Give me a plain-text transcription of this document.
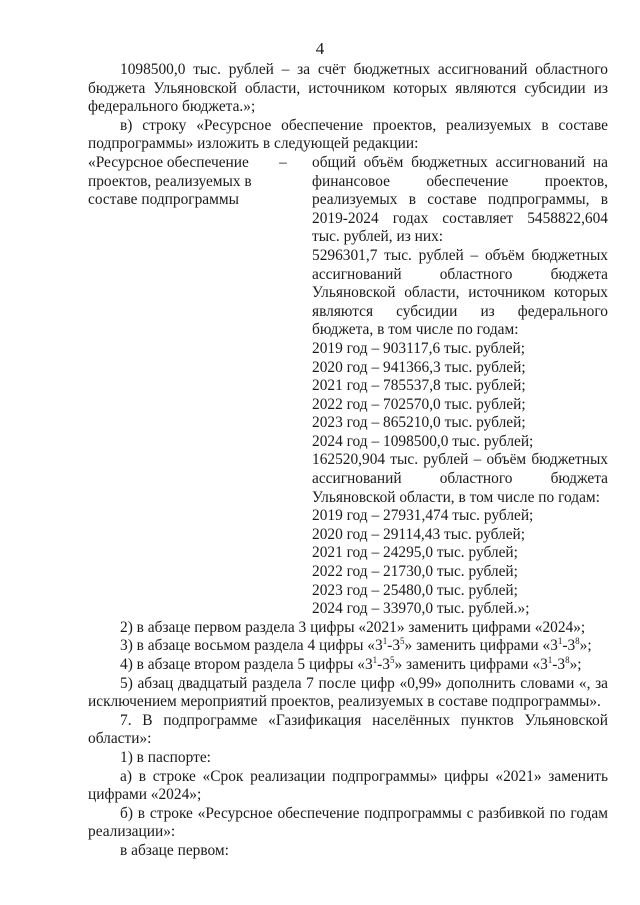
4

1098500,0 тыс. рублей – за счёт бюджетных ассигнований областного бюджета Ульяновской области, источником которых являются субсидии из федерального бюджета.»;

в) строку «Ресурсное обеспечение проектов, реализуемых в составе подпрограммы» изложить в следующей редакции:

«Ресурсное обеспечение проектов, реализуемых в составе подпрограммы
–	общий объём бюджетных ассигнований на финансовое обеспечение проектов, реализуемых в составе подпрограммы, в 2019-2024 годах составляет 5458822,604 тыс. рублей, из них:

5296301,7 тыс. рублей – объём бюджетных ассигнований областного бюджета Ульяновской области, источником которых являются субсидии из федерального бюджета, в том числе по годам:

2019 год – 903117,6 тыс. рублей;
2020 год – 941366,3 тыс. рублей;
2021 год – 785537,8 тыс. рублей;
2022 год – 702570,0 тыс. рублей;
2023 год – 865210,0 тыс. рублей;
2024 год – 1098500,0 тыс. рублей;

162520,904 тыс. рублей – объём бюджетных ассигнований областного бюджета Ульяновской области, в том числе по годам:

2019 год – 27931,474 тыс. рублей;
2020 год – 29114,43 тыс. рублей;
2021 год – 24295,0 тыс. рублей;
2022 год – 21730,0 тыс. рублей;
2023 год – 25480,0 тыс. рублей;
2024 год – 33970,0 тыс. рублей.»;

2) в абзаце первом раздела 3 цифры «2021» заменить цифрами «2024»;

3) в абзаце восьмом раздела 4 цифры «$3^1-3^5$» заменить цифрами «$3^1-3^8$»;

4) в абзаце втором раздела 5 цифры «$3^1-3^5$» заменить цифрами «$3^1-3^8$»;

5) абзац двадцатый раздела 7 после цифр «0,99» дополнить словами «, за исключением мероприятий проектов, реализуемых в составе подпрограммы».

7. В подпрограмме «Газификация населённых пунктов Ульяновской области»:

1) в паспорте:

а) в строке «Срок реализации подпрограммы» цифры «2021» заменить цифрами «2024»;

б) в строке «Ресурсное обеспечение подпрограммы с разбивкой по годам реализации»:

в абзаце первом:
